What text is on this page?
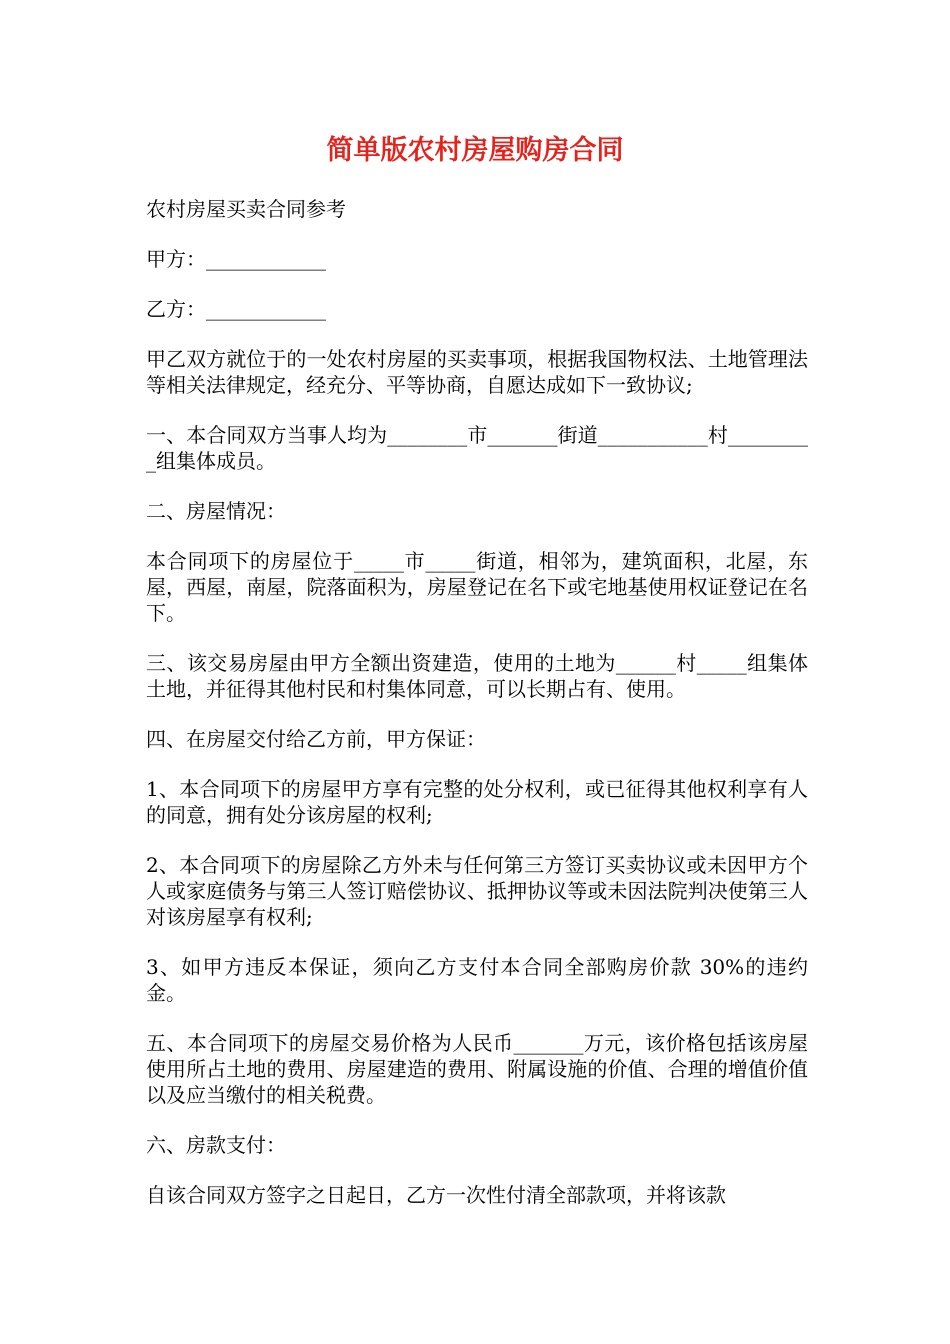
简单版农村房屋购房合同

农村房屋买卖合同参考

甲方：____________

乙方：____________

甲乙双方就位于的一处农村房屋的买卖事项，根据我国物权法、土地管理法等相关法律规定，经充分、平等协商，自愿达成如下一致协议;

一、本合同双方当事人均为________市_______街道___________村_________组集体成员。

二、房屋情况：

本合同项下的房屋位于_____市_____街道，相邻为，建筑面积，北屋，东屋，西屋，南屋，院落面积为，房屋登记在名下或宅地基使用权证登记在名下。

三、该交易房屋由甲方全额出资建造，使用的土地为______村_____组集体土地，并征得其他村民和村集体同意，可以长期占有、使用。

四、在房屋交付给乙方前，甲方保证：

1、本合同项下的房屋甲方享有完整的处分权利，或已征得其他权利享有人的同意，拥有处分该房屋的权利;

2、本合同项下的房屋除乙方外未与任何第三方签订买卖协议或未因甲方个人或家庭债务与第三人签订赔偿协议、抵押协议等或未因法院判决使第三人对该房屋享有权利;

3、如甲方违反本保证，须向乙方支付本合同全部购房价款 30%的违约金。

五、本合同项下的房屋交易价格为人民币_______万元，该价格包括该房屋使用所占土地的费用、房屋建造的费用、附属设施的价值、合理的增值价值以及应当缴付的相关税费。

六、房款支付：

自该合同双方签字之日起日，乙方一次性付清全部款项，并将该款
